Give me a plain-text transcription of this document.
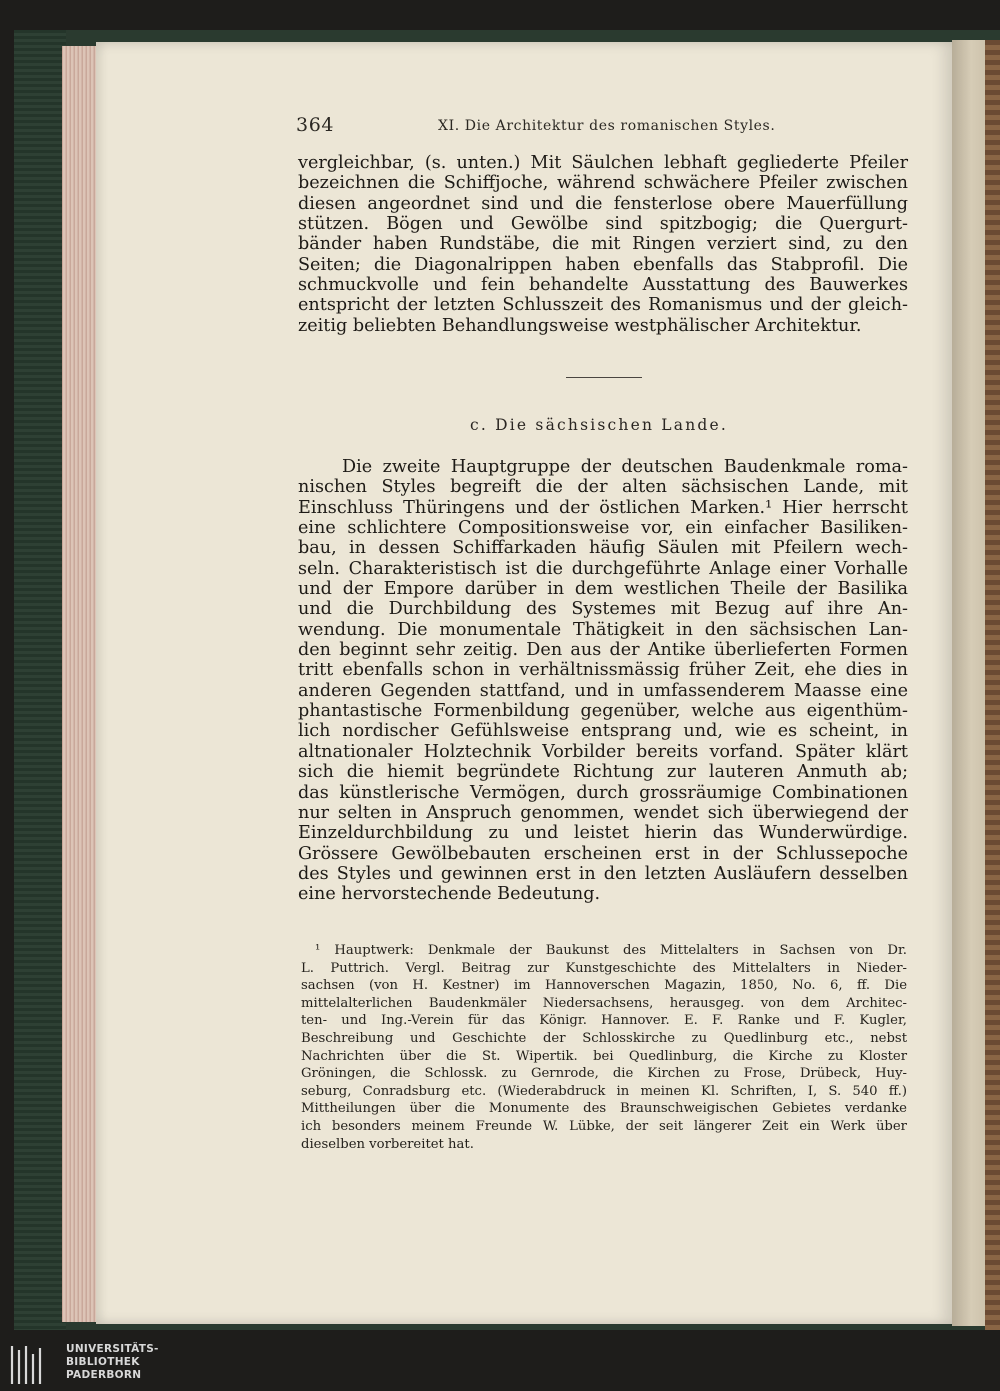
364	XI. Die Architektur des romanischen Styles.
vergleichbar, (s. unten.) Mit Säulchen lebhaft gegliederte Pfeiler
bezeichnen die Schiffjoche, während schwächere Pfeiler zwischen
diesen angeordnet sind und die fensterlose obere Mauerfüllung
stützen. Bögen und Gewölbe sind spitzbogig; die Quergurt-
bänder haben Rundstäbe, die mit Ringen verziert sind, zu den
Seiten; die Diagonalrippen haben ebenfalls das Stabprofil. Die
schmuckvolle und fein behandelte Ausstattung des Bauwerkes
entspricht der letzten Schlusszeit des Romanismus und der gleich-
zeitig beliebten Behandlungsweise westphälischer Architektur.
c. Die sächsischen Lande.
Die zweite Hauptgruppe der deutschen Baudenkmale roma-
nischen Styles begreift die der alten sächsischen Lande, mit
Einschluss Thüringens und der östlichen Marken.¹ Hier herrscht
eine schlichtere Compositionsweise vor, ein einfacher Basiliken-
bau, in dessen Schiffarkaden häufig Säulen mit Pfeilern wech-
seln. Charakteristisch ist die durchgeführte Anlage einer Vorhalle
und der Empore darüber in dem westlichen Theile der Basilika
und die Durchbildung des Systemes mit Bezug auf ihre An-
wendung. Die monumentale Thätigkeit in den sächsischen Lan-
den beginnt sehr zeitig. Den aus der Antike überlieferten Formen
tritt ebenfalls schon in verhältnissmässig früher Zeit, ehe dies in
anderen Gegenden stattfand, und in umfassenderem Maasse eine
phantastische Formenbildung gegenüber, welche aus eigenthüm-
lich nordischer Gefühlsweise entsprang und, wie es scheint, in
altnationaler Holztechnik Vorbilder bereits vorfand. Später klärt
sich die hiemit begründete Richtung zur lauteren Anmuth ab;
das künstlerische Vermögen, durch grossräumige Combinationen
nur selten in Anspruch genommen, wendet sich überwiegend der
Einzeldurchbildung zu und leistet hierin das Wunderwürdige.
Grössere Gewölbebauten erscheinen erst in der Schlussepoche
des Styles und gewinnen erst in den letzten Ausläufern desselben
eine hervorstechende Bedeutung.
¹ Hauptwerk: Denkmale der Baukunst des Mittelalters in Sachsen von Dr.
L. Puttrich. Vergl. Beitrag zur Kunstgeschichte des Mittelalters in Nieder-
sachsen (von H. Kestner) im Hannoverschen Magazin, 1850, No. 6, ff. Die
mittelalterlichen Baudenkmäler Niedersachsens, herausgeg. von dem Architec-
ten- und Ing.-Verein für das Königr. Hannover. E. F. Ranke und F. Kugler,
Beschreibung und Geschichte der Schlosskirche zu Quedlinburg etc., nebst
Nachrichten über die St. Wipertik. bei Quedlinburg, die Kirche zu Kloster
Gröningen, die Schlossk. zu Gernrode, die Kirchen zu Frose, Drübeck, Huy-
seburg, Conradsburg etc. (Wiederabdruck in meinen Kl. Schriften, I, S. 540 ff.)
Mittheilungen über die Monumente des Braunschweigischen Gebietes verdanke
ich besonders meinem Freunde W. Lübke, der seit längerer Zeit ein Werk über
dieselben vorbereitet hat.
UNIVERSITÄTS-
BIBLIOTHEK
PADERBORN
